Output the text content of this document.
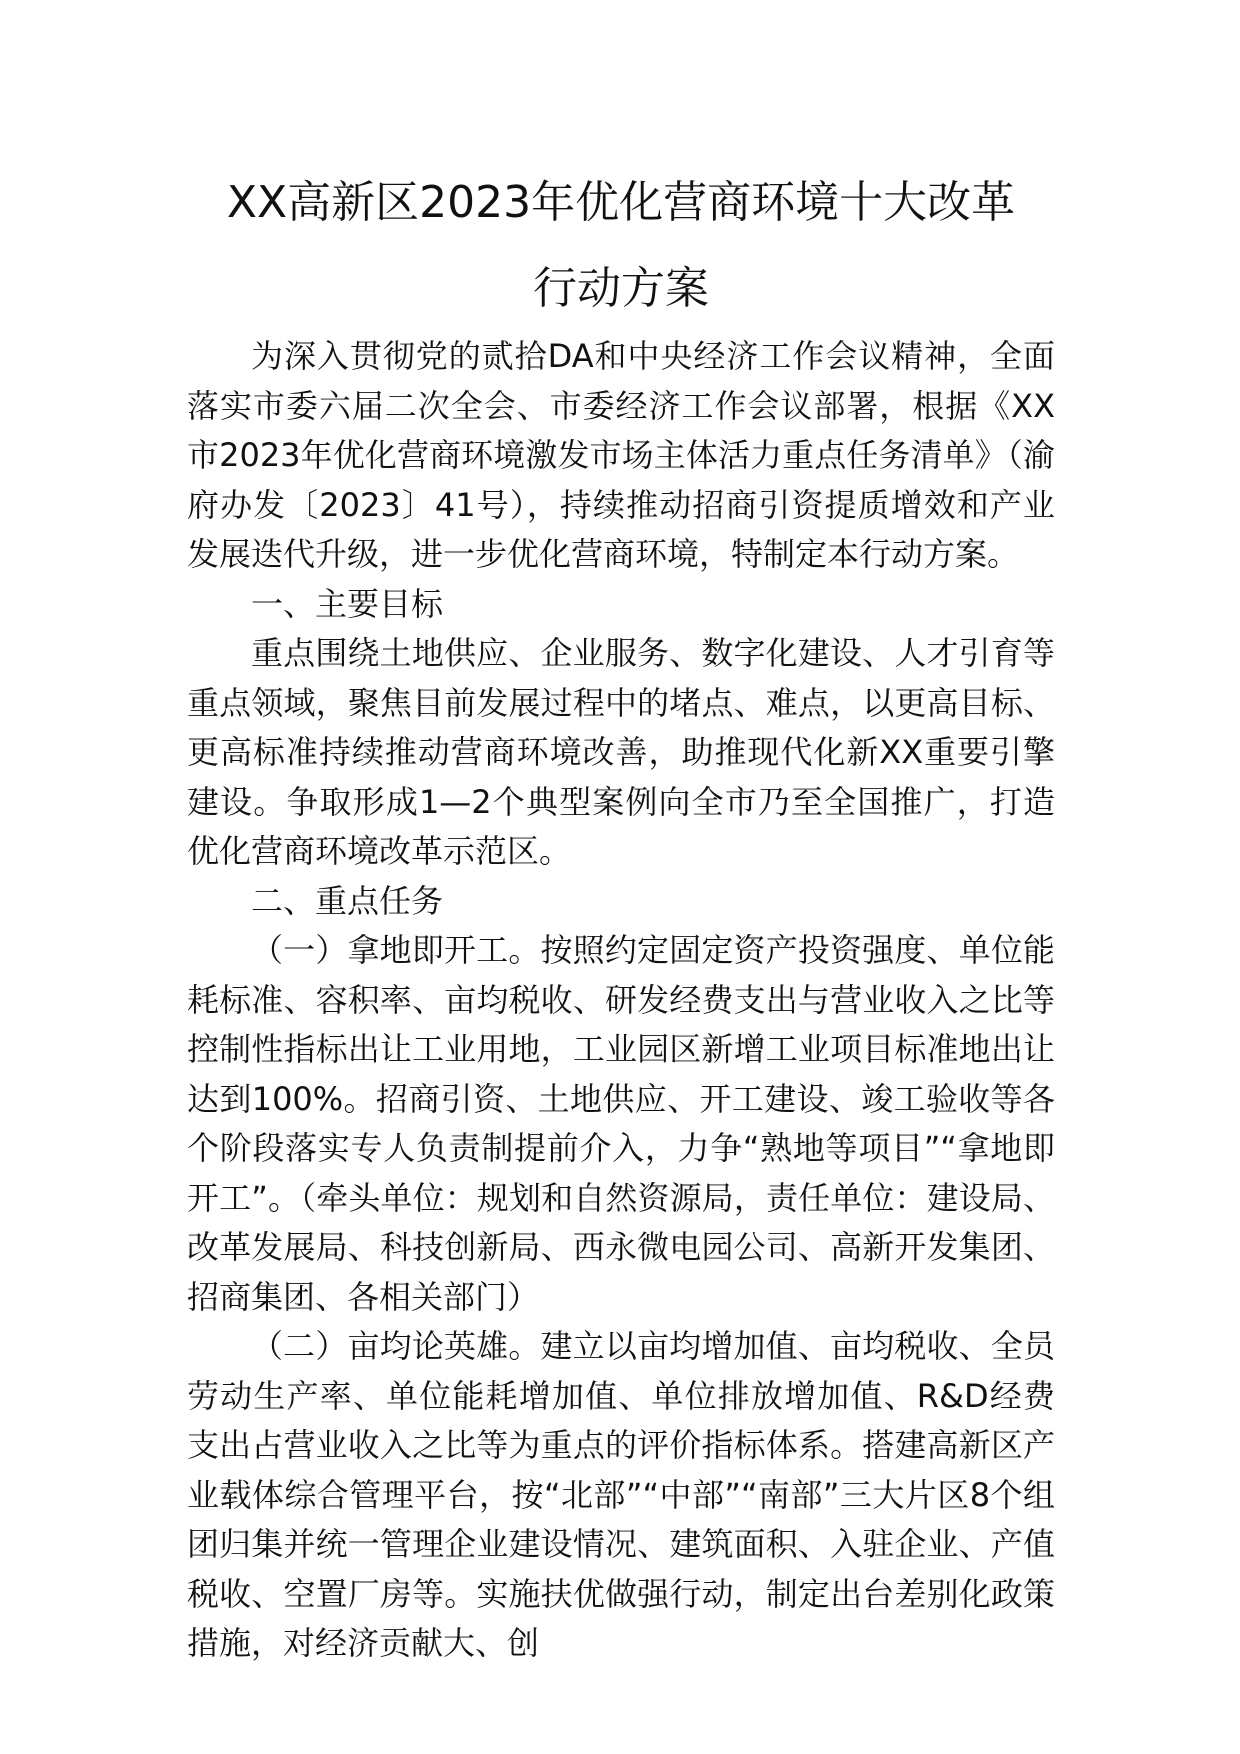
XX高新区2023年优化营商环境十大改革
行动方案

为深入贯彻党的贰拾DA和中央经济工作会议精神，全面落实市委六届二次全会、市委经济工作会议部署，根据《XX市2023年优化营商环境激发市场主体活力重点任务清单》（渝府办发〔2023〕41号），持续推动招商引资提质增效和产业发展迭代升级，进一步优化营商环境，特制定本行动方案。

一、主要目标

重点围绕土地供应、企业服务、数字化建设、人才引育等重点领域，聚焦目前发展过程中的堵点、难点，以更高目标、更高标准持续推动营商环境改善，助推现代化新XX重要引擎建设。争取形成1—2个典型案例向全市乃至全国推广，打造优化营商环境改革示范区。

二、重点任务

（一）拿地即开工。按照约定固定资产投资强度、单位能耗标准、容积率、亩均税收、研发经费支出与营业收入之比等控制性指标出让工业用地，工业园区新增工业项目标准地出让达到100%。招商引资、土地供应、开工建设、竣工验收等各个阶段落实专人负责制提前介入，力争“熟地等项目”“拿地即开工”。（牵头单位：规划和自然资源局，责任单位：建设局、改革发展局、科技创新局、西永微电园公司、高新开发集团、招商集团、各相关部门）

（二）亩均论英雄。建立以亩均增加值、亩均税收、全员劳动生产率、单位能耗增加值、单位排放增加值、R&D经费支出占营业收入之比等为重点的评价指标体系。搭建高新区产业载体综合管理平台，按“北部”“中部”“南部”三大片区8个组团归集并统一管理企业建设情况、建筑面积、入驻企业、产值税收、空置厂房等。实施扶优做强行动，制定出台差别化政策措施，对经济贡献大、创
